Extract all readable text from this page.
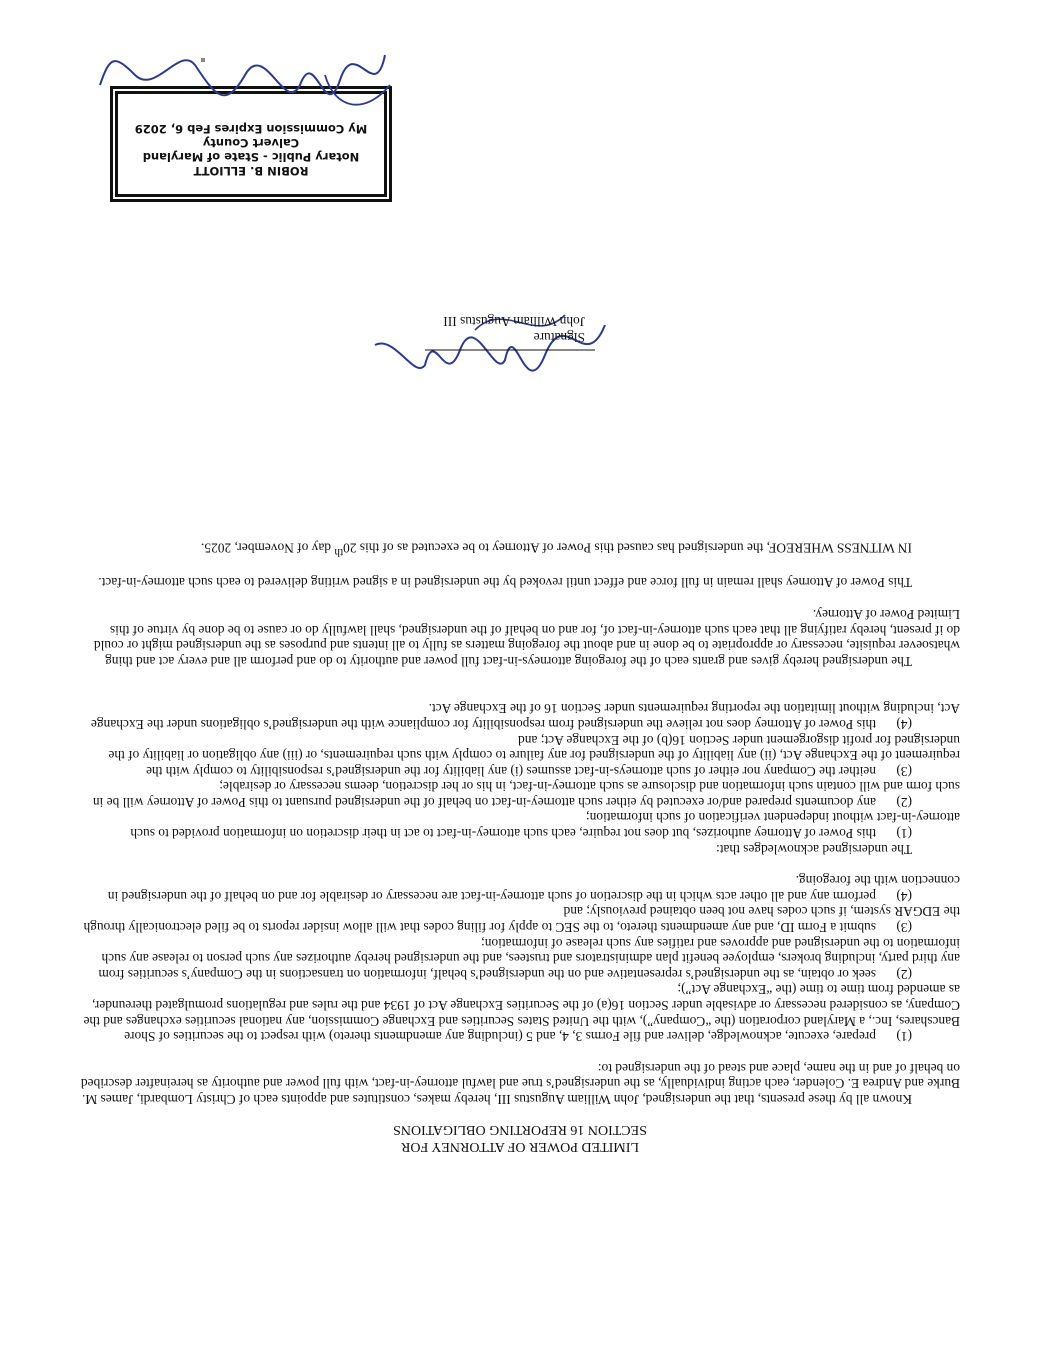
LIMITED POWER OF ATTORNEY FOR
SECTION 16 REPORTING OBLIGATIONS

Known all by these presents, that the undersigned, John William Augustus III, hereby makes, constitutes and appoints each of Christy Lombardi, James M. Burke and Andrea E. Colender, each acting individually, as the undersigned’s true and lawful attorney-in-fact, with full power and authority as hereinafter described on behalf of and in the name, place and stead of the undersigned to:

(1)prepare, execute, acknowledge, deliver and file Forms 3, 4, and 5 (including any amendments thereto) with respect to the securities of Shore Bancshares, Inc., a Maryland corporation (the “Company”), with the United States Securities and Exchange Commission, any national securities exchanges and the Company, as considered necessary or advisable under Section 16(a) of the Securities Exchange Act of 1934 and the rules and regulations promulgated thereunder, as amended from time to time (the “Exchange Act”);

(2)seek or obtain, as the undersigned’s representative and on the undersigned’s behalf, information on transactions in the Company’s securities from any third party, including brokers, employee benefit plan administrators and trustees, and the undersigned hereby authorizes any such person to release any such information to the undersigned and approves and ratifies any such release of information;

(3)submit a Form ID, and any amendments thereto, to the SEC to apply for filing codes that will allow insider reports to be filed electronically through the EDGAR system, if such codes have not been obtained previously; and

(4)perform any and all other acts which in the discretion of such attorney-in-fact are necessary or desirable for and on behalf of the undersigned in connection with the foregoing.

The undersigned acknowledges that:

(1)this Power of Attorney authorizes, but does not require, each such attorney-in-fact to act in their discretion on information provided to such attorney-in-fact without independent verification of such information;

(2)any documents prepared and/or executed by either such attorney-in-fact on behalf of the undersigned pursuant to this Power of Attorney will be in such form and will contain such information and disclosure as such attorney-in-fact, in his or her discretion, deems necessary or desirable;

(3)neither the Company nor either of such attorneys-in-fact assumes (i) any liability for the undersigned’s responsibility to comply with the requirement of the Exchange Act, (ii) any liability of the undersigned for any failure to comply with such requirements, or (iii) any obligation or liability of the undersigned for profit disgorgement under Section 16(b) of the Exchange Act; and

(4)this Power of Attorney does not relieve the undersigned from responsibility for compliance with the undersigned’s obligations under the Exchange Act, including without limitation the reporting requirements under Section 16 of the Exchange Act.

The undersigned hereby gives and grants each of the foregoing attorneys-in-fact full power and authority to do and perform all and every act and thing whatsoever requisite, necessary or appropriate to be done in and about the foregoing matters as fully to all intents and purposes as the undersigned might or could do if present, hereby ratifying all that each such attorney-in-fact of, for and on behalf of the undersigned, shall lawfully do or cause to be done by virtue of this Limited Power of Attorney.

This Power of Attorney shall remain in full force and effect until revoked by the undersigned in a signed writing delivered to each such attorney-in-fact.

IN WITNESS WHEREOF, the undersigned has caused this Power of Attorney to be executed as of this 20th day of November, 2025.

Signature
John William Augustus III
ROBIN B. ELLIOTT
Notary Public - State of Maryland
Calvert County
My Commission Expires Feb 6, 2029
